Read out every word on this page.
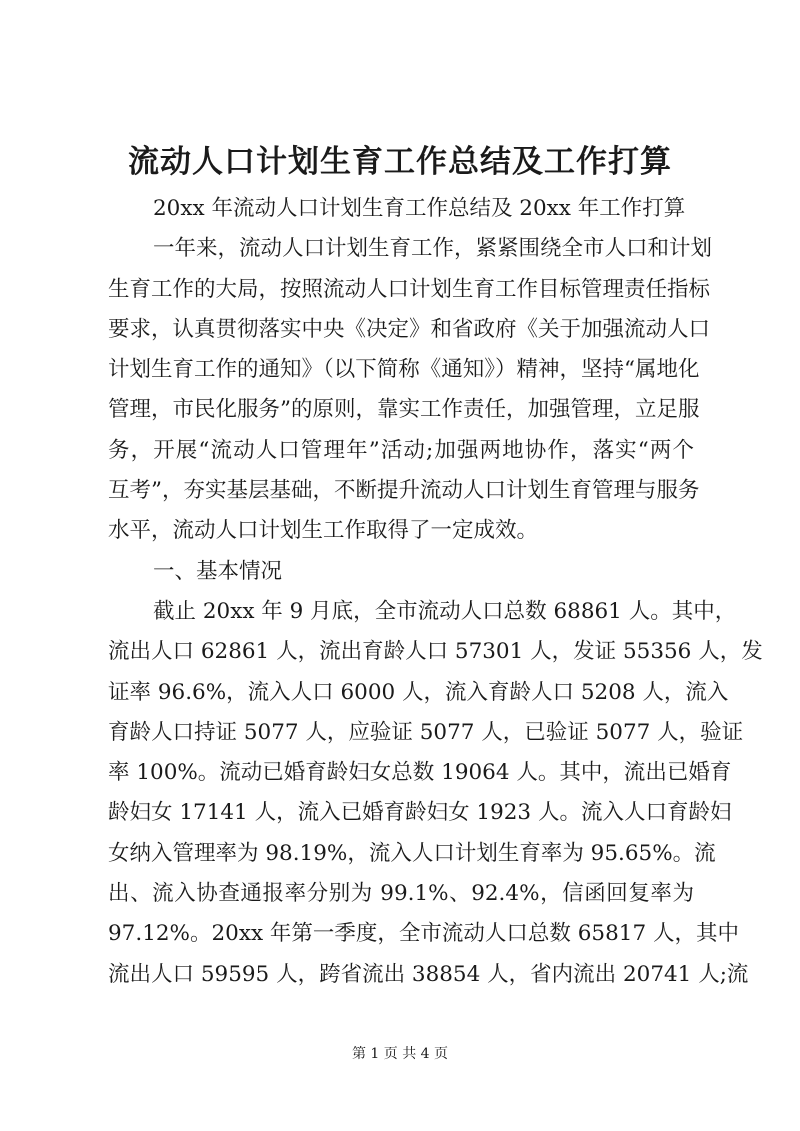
流动人口计划生育工作总结及工作打算
20xx 年流动人口计划生育工作总结及 20xx 年工作打算
一年来，流动人口计划生育工作，紧紧围绕全市人口和计划
生育工作的大局，按照流动人口计划生育工作目标管理责任指标
要求，认真贯彻落实中央《决定》和省政府《关于加强流动人口
计划生育工作的通知》（以下简称《通知》）精神，坚持“属地化
管理，市民化服务”的原则，靠实工作责任，加强管理，立足服
务，开展“流动人口管理年”活动;加强两地协作，落实“两个
互考”，夯实基层基础，不断提升流动人口计划生育管理与服务
水平，流动人口计划生工作取得了一定成效。
一、基本情况
截止 20xx 年 9 月底，全市流动人口总数 68861 人。其中，
流出人口 62861 人，流出育龄人口 57301 人，发证 55356 人，发
证率 96.6%，流入人口 6000 人，流入育龄人口 5208 人，流入
育龄人口持证 5077 人，应验证 5077 人，已验证 5077 人，验证
率 100%。流动已婚育龄妇女总数 19064 人。其中，流出已婚育
龄妇女 17141 人，流入已婚育龄妇女 1923 人。流入人口育龄妇
女纳入管理率为 98.19%，流入人口计划生育率为 95.65%。流
出、流入协查通报率分别为 99.1%、92.4%，信函回复率为
97.12%。20xx 年第一季度，全市流动人口总数 65817 人，其中
流出人口 59595 人，跨省流出 38854 人，省内流出 20741 人;流
第 1 页 共 4 页
